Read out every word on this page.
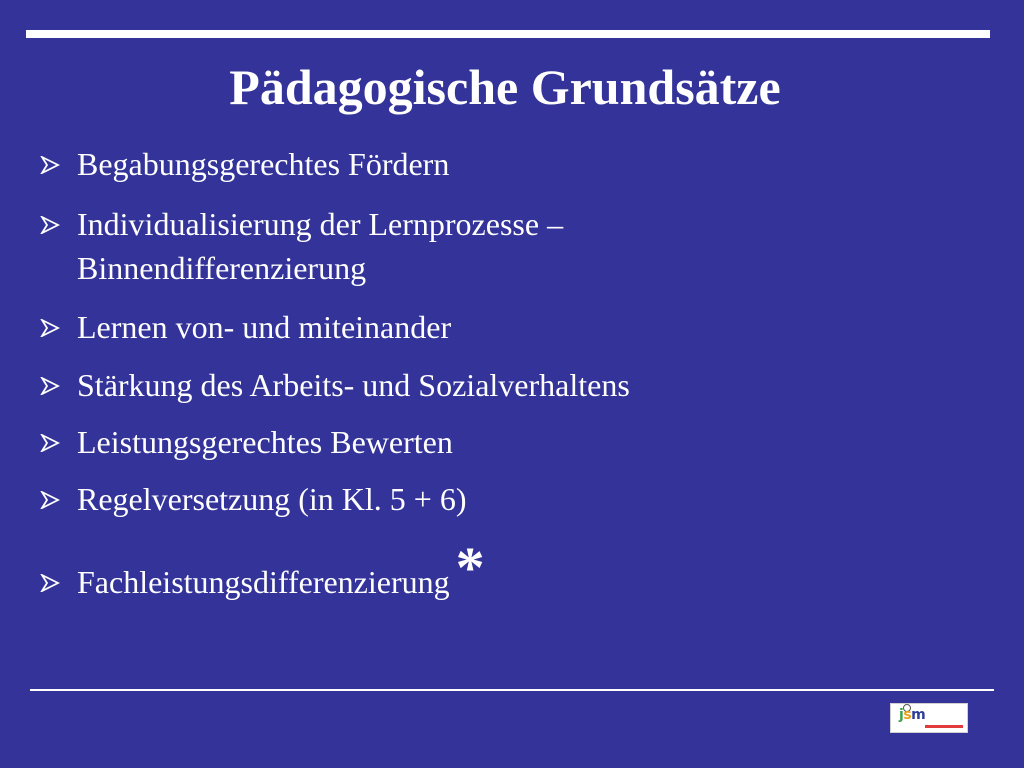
Pädagogische Grundsätze
Begabungsgerechtes Fördern
Individualisierung der Lernprozesse – Binnendifferenzierung
Lernen von- und miteinander
Stärkung des Arbeits- und Sozialverhaltens
Leistungsgerechtes Bewerten
Regelversetzung (in Kl. 5 + 6)
Fachleistungsdifferenzierung *
jsm
